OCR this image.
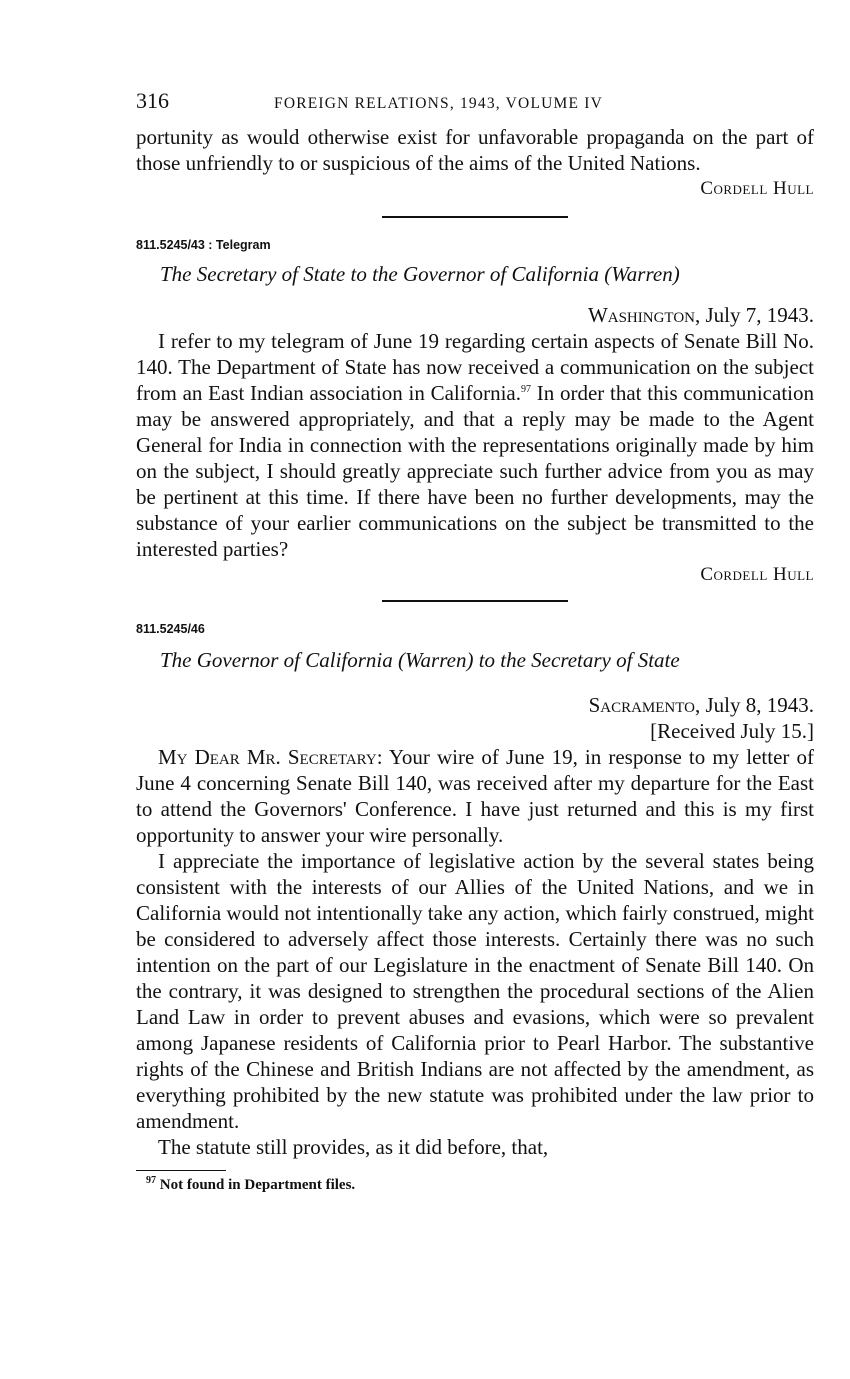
316	FOREIGN RELATIONS, 1943, VOLUME IV

portunity as would otherwise exist for unfavorable propaganda on the part of those unfriendly to or suspicious of the aims of the United Nations.

Cordell Hull
811.5245/43 : Telegram
The Secretary of State to the Governor of California (Warren)
Washington, July 7, 1943.

I refer to my telegram of June 19 regarding certain aspects of Senate Bill No. 140. The Department of State has now received a communication on the subject from an East Indian association in California.$^{97}$ In order that this communication may be answered appropriately, and that a reply may be made to the Agent General for India in connection with the representations originally made by him on the subject, I should greatly appreciate such further advice from you as may be pertinent at this time. If there have been no further developments, may the substance of your earlier communications on the subject be transmitted to the interested parties?

Cordell Hull
811.5245/46
The Governor of California (Warren) to the Secretary of State
Sacramento, July 8, 1943.
[Received July 15.]

My Dear Mr. Secretary: Your wire of June 19, in response to my letter of June 4 concerning Senate Bill 140, was received after my departure for the East to attend the Governors' Conference. I have just returned and this is my first opportunity to answer your wire personally.

I appreciate the importance of legislative action by the several states being consistent with the interests of our Allies of the United Nations, and we in California would not intentionally take any action, which fairly construed, might be considered to adversely affect those interests. Certainly there was no such intention on the part of our Legislature in the enactment of Senate Bill 140. On the contrary, it was designed to strengthen the procedural sections of the Alien Land Law in order to prevent abuses and evasions, which were so prevalent among Japanese residents of California prior to Pearl Harbor. The substantive rights of the Chinese and British Indians are not affected by the amendment, as everything prohibited by the new statute was prohibited under the law prior to amendment.

The statute still provides, as it did before, that,

$^{97}$ Not found in Department files.
